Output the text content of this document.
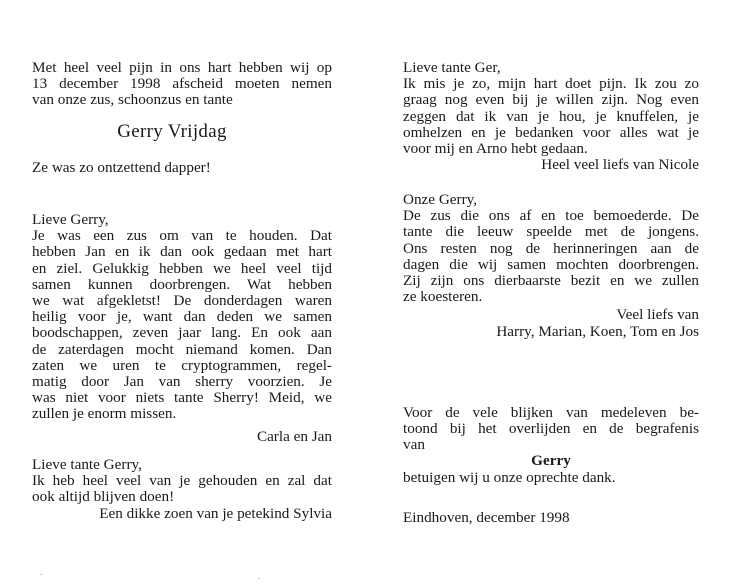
Met heel veel pijn in ons hart hebben wij op
13 december 1998 afscheid moeten nemen
van onze zus, schoonzus en tante
Gerry Vrijdag
Ze was zo ontzettend dapper!
Lieve Gerry,
Je was een zus om van te houden. Dat
hebben Jan en ik dan ook gedaan met hart
en ziel. Gelukkig hebben we heel veel tijd
samen kunnen doorbrengen. Wat hebben
we wat afgekletst! De donderdagen waren
heilig voor je, want dan deden we samen
boodschappen, zeven jaar lang. En ook aan
de zaterdagen mocht niemand komen. Dan
zaten we uren te cryptogrammen, regel-
matig door Jan van sherry voorzien. Je
was niet voor niets tante Sherry! Meid, we
zullen je enorm missen.
Carla en Jan
Lieve tante Gerry,
Ik heb heel veel van je gehouden en zal dat
ook altijd blijven doen!
Een dikke zoen van je petekind Sylvia
Lieve tante Ger,
Ik mis je zo, mijn hart doet pijn. Ik zou zo
graag nog even bij je willen zijn. Nog even
zeggen dat ik van je hou, je knuffelen, je
omhelzen en je bedanken voor alles wat je
voor mij en Arno hebt gedaan.
Heel veel liefs van Nicole
Onze Gerry,
De zus die ons af en toe bemoederde. De
tante die leeuw speelde met de jongens.
Ons resten nog de herinneringen aan de
dagen die wij samen mochten doorbrengen.
Zij zijn ons dierbaarste bezit en we zullen
ze koesteren.
Veel liefs van
Harry, Marian, Koen, Tom en Jos
Voor de vele blijken van medeleven be-
toond bij het overlijden en de begrafenis
van
Gerry
betuigen wij u onze oprechte dank.
Eindhoven, december 1998
